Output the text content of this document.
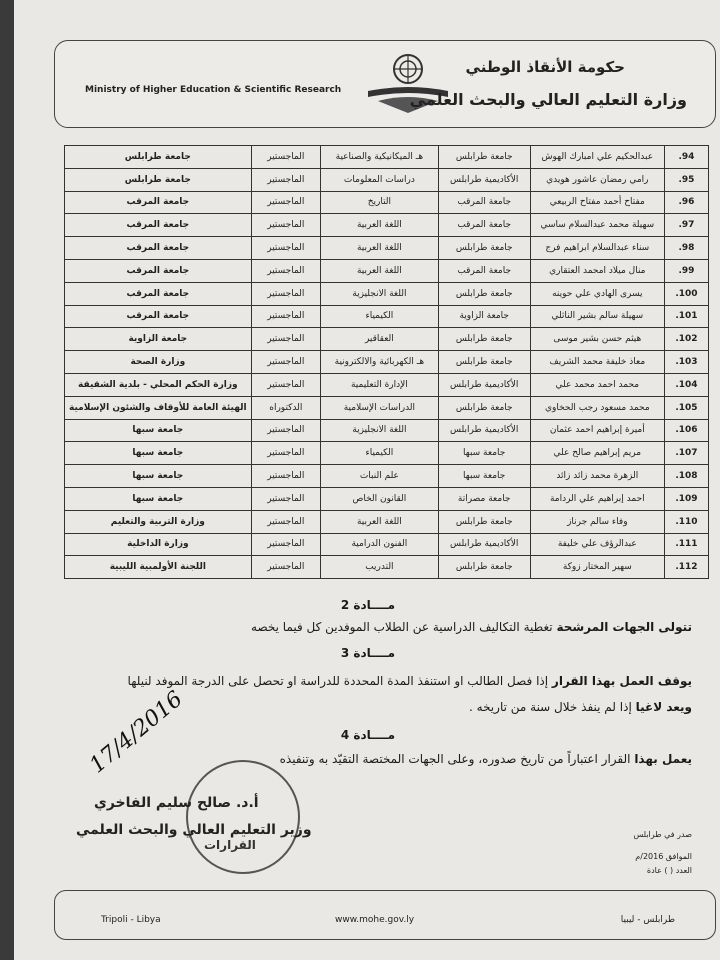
Ministry of Higher Education & Scientific Research
حكومة الأنقاذ الوطني
وزارة التعليم العالي والبحث العلمي
94.	عبدالحكيم علي امبارك الهوش	جامعة طرابلس	هـ الميكانيكية والصناعية	الماجستير	جامعة طرابلس
95.	رامي رمضان عاشور هويدي	الأكاديمية طرابلس	دراسات المعلومات	الماجستير	جامعة طرابلس
96.	مفتاح أحمد مفتاح الربيعي	جامعة المرقب	التاريخ	الماجستير	جامعة المرقب
97.	سهيلة محمد عبدالسلام ساسي	جامعة المرقب	اللغة العربية	الماجستير	جامعة المرقب
98.	سناء عبدالسلام ابراهيم فرج	جامعة طرابلس	اللغة العربية	الماجستير	جامعة المرقب
99.	منال ميلاد امحمد العتقاري	جامعة المرقب	اللغة العربية	الماجستير	جامعة المرقب
100.	يسرى الهادي علي حوينه	جامعة طرابلس	اللغة الانجليزية	الماجستير	جامعة المرقب
101.	سهيلة سالم بشير الناثلي	جامعة الزاوية	الكيمياء	الماجستير	جامعة المرقب
102.	هيثم حسن بشير موسى	جامعة طرابلس	العقاقير	الماجستير	جامعة الزاوية
103.	معاذ خليفة محمد الشريف	جامعة طرابلس	هـ الكهربائية والالكترونية	الماجستير	وزارة الصحة
104.	محمد احمد محمد علي	الأكاديمية طرابلس	الإدارة التعليمية	الماجستير	وزارة الحكم المحلي - بلدية الشقيقة
105.	محمد مسعود رجب الحخاوي	جامعة طرابلس	الدراسات الإسلامية	الدكتوراه	الهيئة العامة للأوقاف والشئون الإسلامية
106.	أميرة إبراهيم احمد عثمان	الأكاديمية طرابلس	اللغة الانجليزية	الماجستير	جامعة سبها
107.	مريم إبراهيم صالح علي	جامعة سبها	الكيمياء	الماجستير	جامعة سبها
108.	الزهرة محمد زائد زائد	جامعة سبها	علم النبات	الماجستير	جامعة سبها
109.	احمد إبراهيم علي الردامة	جامعة مصراتة	القانون الخاص	الماجستير	جامعة سبها
110.	وفاء سالم جرناز	جامعة طرابلس	اللغة العربية	الماجستير	وزارة التربية والتعليم
111.	عبدالرؤف علي خليفة	الأكاديمية طرابلس	الفنون الدرامية	الماجستير	وزارة الداخلية
112.	سهير المختار زوكة	جامعة طرابلس	التدريب	الماجستير	اللجنة الأولمبية الليبية
مــــادة 2
تتولى الجهات المرشحة تغطية التكاليف الدراسية عن الطلاب الموفدين كل فيما يخصه
مــــادة 3
يوقف العمل بهذا القرار إذا فصل الطالب او استنفذ المدة المحددة للدراسة او تحصل على الدرجة الموفد لنيلها
ويعد لاغيا إذا لم ينفذ خلال سنة من تاريخه .
مــــادة 4
يعمل بهذا القرار اعتباراً من تاريخ صدوره، وعلى الجهات المختصة التقيّد به وتنفيذه
17/4/2016
القرارات
أ.د. صالح سليم الفاخري
وزير التعليم العالي والبحث العلمي	صدر في طرابلس
الموافق 2016/م
العدد ( ) عادة
Tripoli - Libya	www.mohe.gov.ly	طرابلس - ليبيا
